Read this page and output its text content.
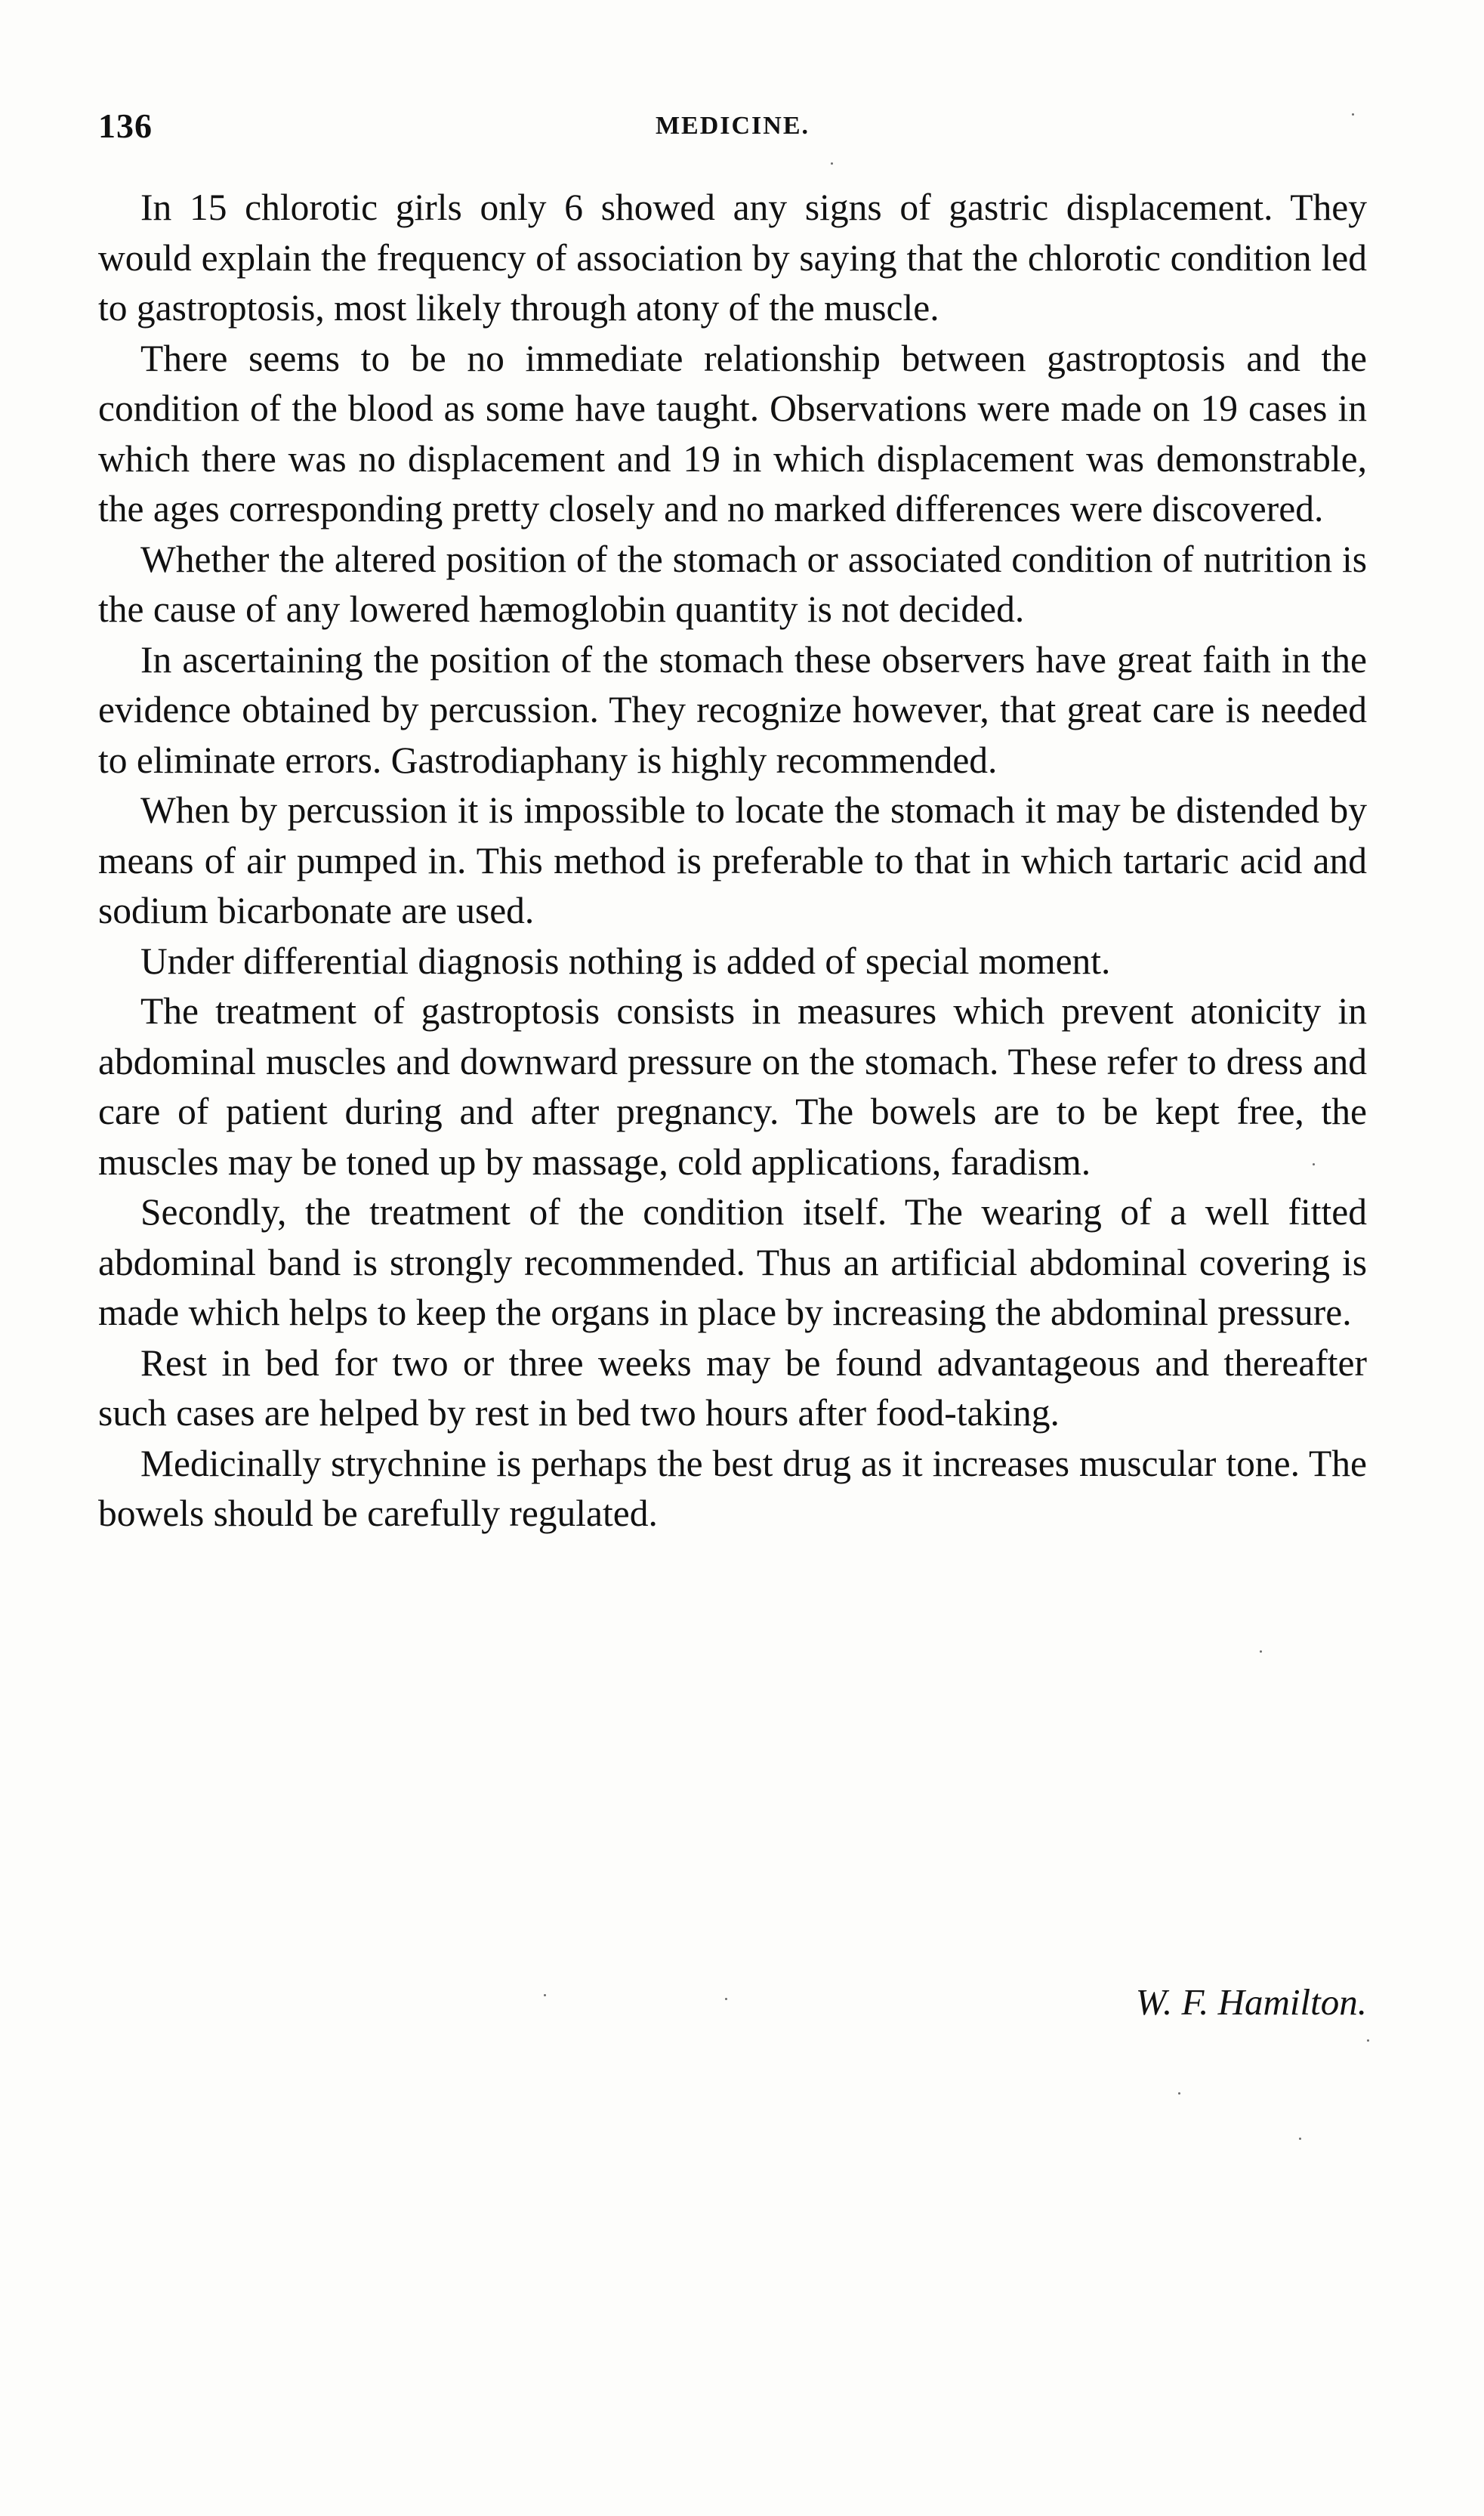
136	MEDICINE.

In 15 chlorotic girls only 6 showed any signs of gastric displacement. They would explain the frequency of association by saying that the chlorotic condition led to gastroptosis, most likely through atony of the muscle.

There seems to be no immediate relationship between gastroptosis and the condition of the blood as some have taught. Observations were made on 19 cases in which there was no displacement and 19 in which displacement was demonstrable, the ages corresponding pretty closely and no marked differences were discovered.

Whether the altered position of the stomach or associated condition of nutrition is the cause of any lowered hæmoglobin quantity is not decided.

In ascertaining the position of the stomach these observers have great faith in the evidence obtained by percussion. They recognize however, that great care is needed to eliminate errors. Gastrodiaphany is highly recommended.

When by percussion it is impossible to locate the stomach it may be distended by means of air pumped in. This method is preferable to that in which tartaric acid and sodium bicarbonate are used.

Under differential diagnosis nothing is added of special moment.

The treatment of gastroptosis consists in measures which prevent atonicity in abdominal muscles and downward pressure on the stomach. These refer to dress and care of patient during and after pregnancy. The bowels are to be kept free, the muscles may be toned up by massage, cold applications, faradism.

Secondly, the treatment of the condition itself. The wearing of a well fitted abdominal band is strongly recommended. Thus an artificial abdominal covering is made which helps to keep the organs in place by increasing the abdominal pressure.

Rest in bed for two or three weeks may be found advantageous and thereafter such cases are helped by rest in bed two hours after food-taking.

Medicinally strychnine is perhaps the best drug as it increases muscular tone. The bowels should be carefully regulated.

W. F. Hamilton.
